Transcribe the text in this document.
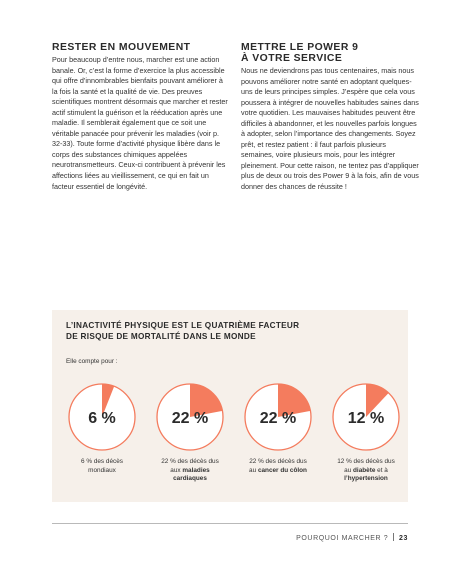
RESTER EN MOUVEMENT

Pour beaucoup d’entre nous, marcher est une action banale. Or, c’est la forme d’exercice la plus accessible qui offre d’innombrables bienfaits pouvant améliorer à la fois la santé et la qualité de vie. Des preuves scientifiques montrent désormais que marcher et rester actif stimulent la guérison et la rééducation après une maladie. Il semblerait également que ce soit une véritable panacée pour prévenir les maladies (voir p. 32-33). Toute forme d’activité physique libère dans le corps des substances chimiques appelées neurotransmetteurs. Ceux-ci contribuent à prévenir les affections liées au vieillissement, ce qui en fait un facteur essentiel de longévité.

METTRE LE POWER 9
À VOTRE SERVICE

Nous ne deviendrons pas tous centenaires, mais nous pouvons améliorer notre santé en adoptant quelques-uns de leurs principes simples. J’espère que cela vous poussera à intégrer de nouvelles habitudes saines dans votre quotidien. Les mauvaises habitudes peuvent être difficiles à abandonner, et les nouvelles parfois longues à adopter, selon l’importance des changements. Soyez prêt, et restez patient : il faut parfois plusieurs semaines, voire plusieurs mois, pour les intégrer pleinement. Pour cette raison, ne tentez pas d’appliquer plus de deux ou trois des Power 9 à la fois, afin de vous donner des chances de réussite !

L’INACTIVITÉ PHYSIQUE EST LE QUATRIÈME FACTEUR
DE RISQUE DE MORTALITÉ DANS LE MONDE

Elle compte pour :

6 %
6 % des décès
mondiaux
22 %
22 % des décès dus
aux maladies
cardiaques
22 %
22 % des décès dus
au cancer du côlon
12 %
12 % des décès dus
au diabète et à
l’hypertension
POURQUOI MARCHER ? 23
